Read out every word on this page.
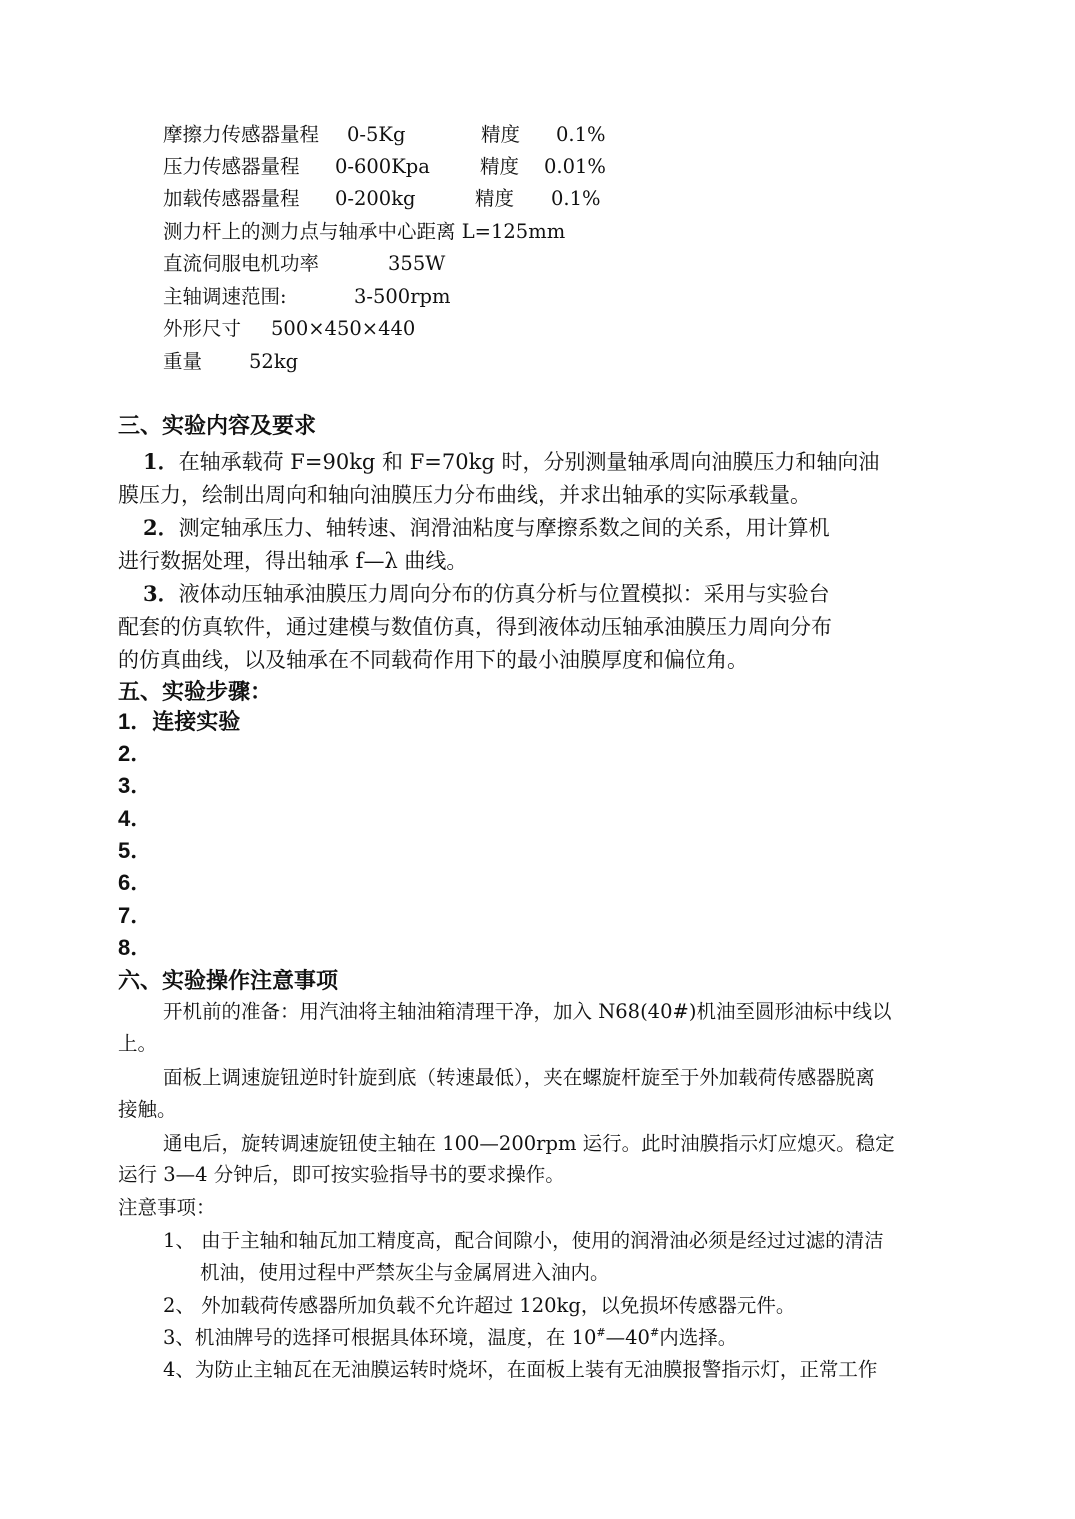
摩擦力传感器量程 0-5Kg	精度 0.1%
压力传感器量程 0-600Kpa	精度 0.01%
加载传感器量程 0-200kg	精度 0.1%
测力杆上的测力点与轴承中心距离 L=125mm
直流伺服电机功率	355W
主轴调速范围:	3-500rpm
外形尺寸 500×450×440
重量 52kg
三、实验内容及要求
1．在轴承载荷 F=90kg 和 F=70kg 时，分别测量轴承周向油膜压力和轴向油
膜压力，绘制出周向和轴向油膜压力分布曲线，并求出轴承的实际承载量。
2．测定轴承压力、轴转速、润滑油粘度与摩擦系数之间的关系，用计算机
进行数据处理，得出轴承 f—λ 曲线。
3．液体动压轴承油膜压力周向分布的仿真分析与位置模拟：采用与实验台
配套的仿真软件，通过建模与数值仿真，得到液体动压轴承油膜压力周向分布
的仿真曲线，以及轴承在不同载荷作用下的最小油膜厚度和偏位角。
五、实验步骤：
1．连接实验
2．
3．
4．
5．
6．
7．
8．
六、实验操作注意事项
开机前的准备：用汽油将主轴油箱清理干净，加入 N68(40#)机油至圆形油标中线以
上。
面板上调速旋钮逆时针旋到底（转速最低），夹在螺旋杆旋至于外加载荷传感器脱离
接触。
通电后，旋转调速旋钮使主轴在 100—200rpm 运行。此时油膜指示灯应熄灭。稳定
运行 3—4 分钟后，即可按实验指导书的要求操作。
注意事项：
1、 由于主轴和轴瓦加工精度高，配合间隙小，使用的润滑油必须是经过过滤的清洁
机油，使用过程中严禁灰尘与金属屑进入油内。
2、 外加载荷传感器所加负载不允许超过 120kg，以免损坏传感器元件。
3、机油牌号的选择可根据具体环境，温度，在 10#—40#内选择。
4、为防止主轴瓦在无油膜运转时烧坏，在面板上装有无油膜报警指示灯，正常工作
